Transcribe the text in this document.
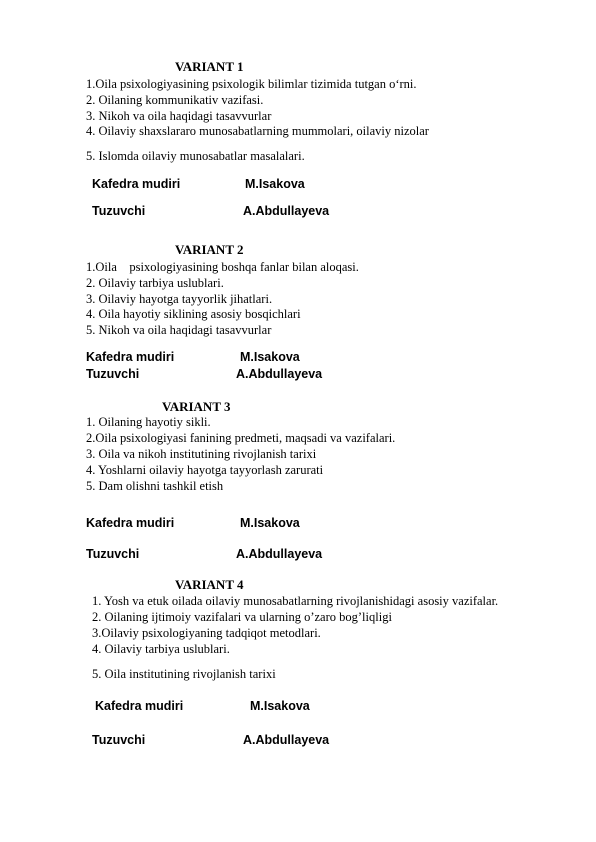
VARIANT 1
1.Oila psixologiyasining psixologik bilimlar tizimida tutgan o‘rni.
2. Oilaning kommunikativ vazifasi.
3. Nikoh va oila haqidagi tasavvurlar
4. Oilaviy shaxslararo munosabatlarning mummolari, oilaviy nizolar
5. Islomda oilaviy munosabatlar masalalari.
Kafedra mudiri	M.Isakova
Tuzuvchi	A.Abdullayeva
VARIANT 2
1.Oila    psixologiyasining boshqa fanlar bilan aloqasi.
2. Oilaviy tarbiya uslublari.
3. Oilaviy hayotga tayyorlik jihatlari.
4. Oila hayotiy siklining asosiy bosqichlari
5. Nikoh va oila haqidagi tasavvurlar
Kafedra mudiri	M.Isakova
Tuzuvchi	A.Abdullayeva
VARIANT 3
1. Oilaning hayotiy sikli.
2.Oila psixologiyasi fanining predmeti, maqsadi va vazifalari.
3. Oila va nikoh institutining rivojlanish tarixi
4. Yoshlarni oilaviy hayotga tayyorlash zarurati
5. Dam olishni tashkil etish
Kafedra mudiri	M.Isakova
Tuzuvchi	A.Abdullayeva
VARIANT 4
1. Yosh va etuk oilada oilaviy munosabatlarning rivojlanishidagi asosiy vazifalar.
2. Oilaning ijtimoiy vazifalari va ularning o’zaro bog’liqligi
3.Oilaviy psixologiyaning tadqiqot metodlari.
4. Oilaviy tarbiya uslublari.
5. Oila institutining rivojlanish tarixi
Kafedra mudiri	M.Isakova
Tuzuvchi	A.Abdullayeva
